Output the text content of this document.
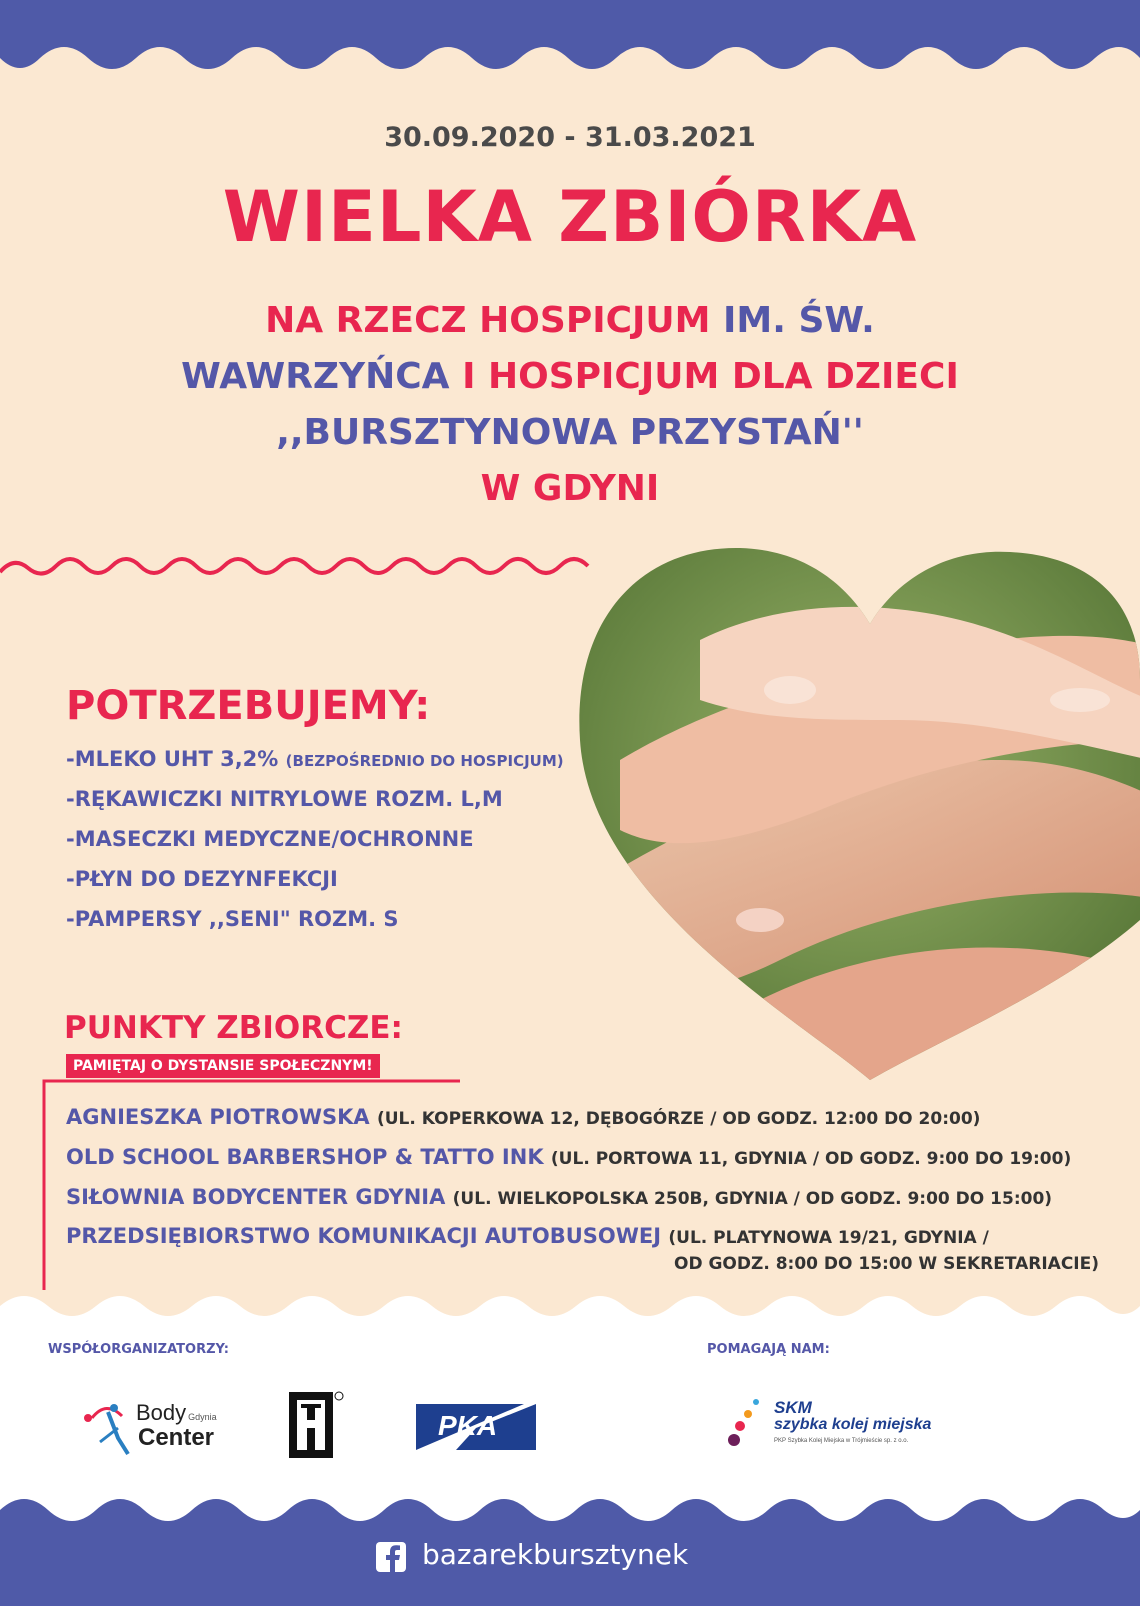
30.09.2020 - 31.03.2021
WIELKA ZBIÓRKA
NA RZECZ HOSPICJUM IM. ŚW.
WAWRZYŃCA I HOSPICJUM DLA DZIECI
,,BURSZTYNOWA PRZYSTAŃ''
W GDYNI
POTRZEBUJEMY:
-MLEKO UHT 3,2% (BEZPOŚREDNIO DO HOSPICJUM)
-RĘKAWICZKI NITRYLOWE ROZM. L,M
-MASECZKI MEDYCZNE/OCHRONNE
-PŁYN DO DEZYNFEKCJI
-PAMPERSY ,,SENI" ROZM. S
PUNKTY ZBIORCZE:
PAMIĘTAJ O DYSTANSIE SPOŁECZNYM!
AGNIESZKA PIOTROWSKA (UL. KOPERKOWA 12, DĘBOGÓRZE / OD GODZ. 12:00 DO 20:00)
OLD SCHOOL BARBERSHOP & TATTO INK (UL. PORTOWA 11, GDYNIA / OD GODZ. 9:00 DO 19:00)
SIŁOWNIA BODYCENTER GDYNIA (UL. WIELKOPOLSKA 250B, GDYNIA / OD GODZ. 9:00 DO 15:00)
PRZEDSIĘBIORSTWO KOMUNIKACJI AUTOBUSOWEJ (UL. PLATYNOWA 19/21, GDYNIA /
OD GODZ. 8:00 DO 15:00 W SEKRETARIACIE)
WSPÓŁORGANIZATORZY:	POMAGAJĄ NAM:
Body Gdynia
Center	PKA
SKM
szybka kolej miejska
PKP Szybka Kolej Miejska w Trójmieście sp. z o.o.
bazarekbursztynek
